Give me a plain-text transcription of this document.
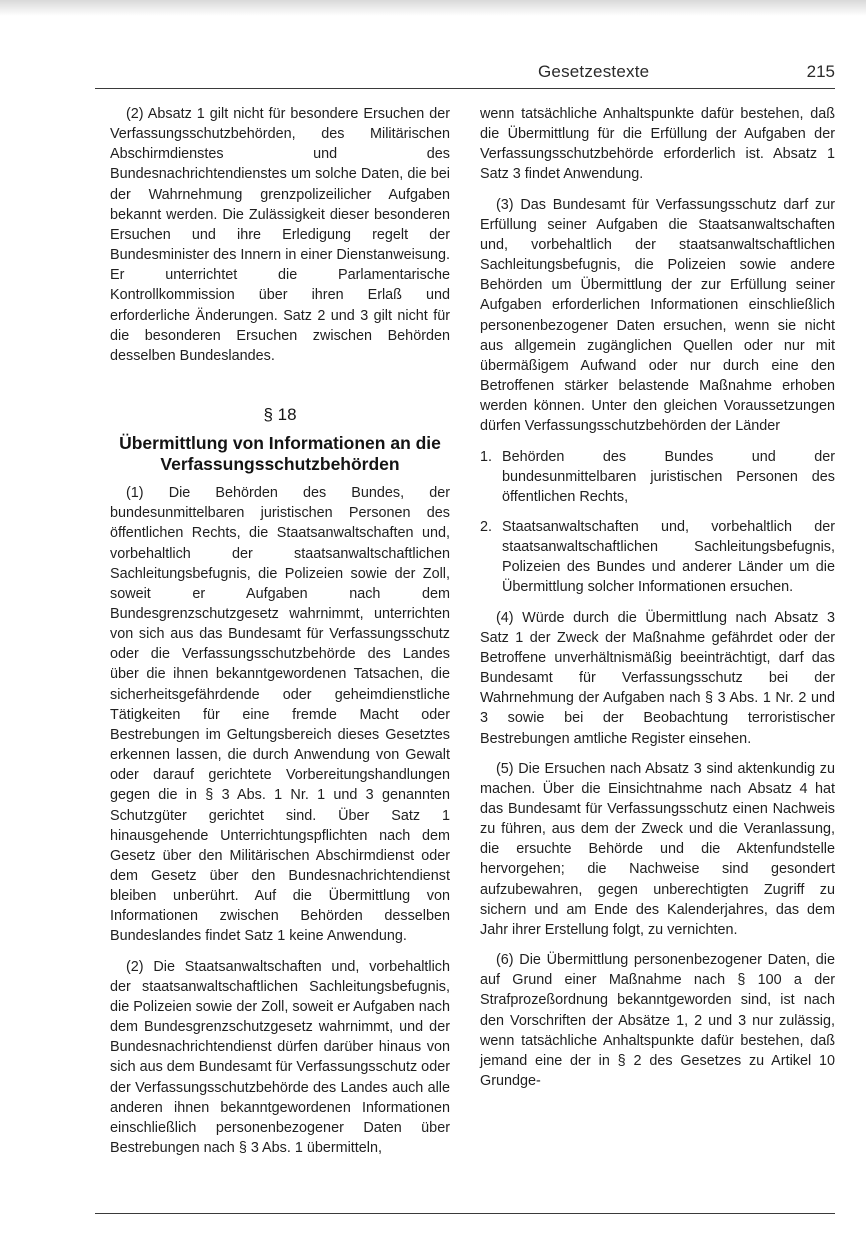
Gesetzestexte	215

(2) Absatz 1 gilt nicht für besondere Ersuchen der Verfassungsschutzbehörden, des Militärischen Abschirmdienstes und des Bundesnachrichtendienstes um solche Daten, die bei der Wahrnehmung grenzpolizeilicher Aufgaben bekannt werden. Die Zulässigkeit dieser besonderen Ersuchen und ihre Erledigung regelt der Bundesminister des Innern in einer Dienstanweisung. Er unterrichtet die Parlamentarische Kontrollkommission über ihren Erlaß und erforderliche Änderungen. Satz 2 und 3 gilt nicht für die besonderen Ersuchen zwischen Behörden desselben Bundeslandes.

§ 18
Übermittlung von Informationen an die Verfassungsschutzbehörden

(1) Die Behörden des Bundes, der bundesunmittelbaren juristischen Personen des öffentlichen Rechts, die Staatsanwaltschaften und, vorbehaltlich der staatsanwaltschaftlichen Sachleitungsbefugnis, die Polizeien sowie der Zoll, soweit er Aufgaben nach dem Bundesgrenzschutzgesetz wahrnimmt, unterrichten von sich aus das Bundesamt für Verfassungsschutz oder die Verfassungsschutzbehörde des Landes über die ihnen bekanntgewordenen Tatsachen, die sicherheitsgefährdende oder geheimdienstliche Tätigkeiten für eine fremde Macht oder Bestrebungen im Geltungsbereich dieses Gesetztes erkennen lassen, die durch Anwendung von Gewalt oder darauf gerichtete Vorbereitungshandlungen gegen die in § 3 Abs. 1 Nr. 1 und 3 genannten Schutzgüter gerichtet sind. Über Satz 1 hinausgehende Unterrichtungspflichten nach dem Gesetz über den Militärischen Abschirmdienst oder dem Gesetz über den Bundesnachrichtendienst bleiben unberührt. Auf die Übermittlung von Informationen zwischen Behörden desselben Bundeslandes findet Satz 1 keine Anwendung.

(2) Die Staatsanwaltschaften und, vorbehaltlich der staatsanwaltschaftlichen Sachleitungsbefugnis, die Polizeien sowie der Zoll, soweit er Aufgaben nach dem Bundesgrenzschutzgesetz wahrnimmt, und der Bundesnachrichtendienst dürfen darüber hinaus von sich aus dem Bundesamt für Verfassungsschutz oder der Verfassungsschutzbehörde des Landes auch alle anderen ihnen bekanntgewordenen Informationen einschließlich personenbezogener Daten über Bestrebungen nach § 3 Abs. 1 übermitteln,

wenn tatsächliche Anhaltspunkte dafür bestehen, daß die Übermittlung für die Erfüllung der Aufgaben der Verfassungsschutzbehörde erforderlich ist. Absatz 1 Satz 3 findet Anwendung.

(3) Das Bundesamt für Verfassungsschutz darf zur Erfüllung seiner Aufgaben die Staatsanwaltschaften und, vorbehaltlich der staatsanwaltschaftlichen Sachleitungsbefugnis, die Polizeien sowie andere Behörden um Übermittlung der zur Erfüllung seiner Aufgaben erforderlichen Informationen einschließlich personenbezogener Daten ersuchen, wenn sie nicht aus allgemein zugänglichen Quellen oder nur mit übermäßigem Aufwand oder nur durch eine den Betroffenen stärker belastende Maßnahme erhoben werden können. Unter den gleichen Voraussetzungen dürfen Verfassungsschutzbehörden der Länder

1. Behörden des Bundes und der bundesunmittelbaren juristischen Personen des öffentlichen Rechts,
2. Staatsanwaltschaften und, vorbehaltlich der staatsanwaltschaftlichen Sachleitungsbefugnis, Polizeien des Bundes und anderer Länder um die Übermittlung solcher Informationen ersuchen.

(4) Würde durch die Übermittlung nach Absatz 3 Satz 1 der Zweck der Maßnahme gefährdet oder der Betroffene unverhältnismäßig beeinträchtigt, darf das Bundesamt für Verfassungsschutz bei der Wahrnehmung der Aufgaben nach § 3 Abs. 1 Nr. 2 und 3 sowie bei der Beobachtung terroristischer Bestrebungen amtliche Register einsehen.

(5) Die Ersuchen nach Absatz 3 sind aktenkundig zu machen. Über die Einsichtnahme nach Absatz 4 hat das Bundesamt für Verfassungsschutz einen Nachweis zu führen, aus dem der Zweck und die Veranlassung, die ersuchte Behörde und die Aktenfundstelle hervorgehen; die Nachweise sind gesondert aufzubewahren, gegen unberechtigten Zugriff zu sichern und am Ende des Kalenderjahres, das dem Jahr ihrer Erstellung folgt, zu vernichten.

(6) Die Übermittlung personenbezogener Daten, die auf Grund einer Maßnahme nach § 100 a der Strafprozeßordnung bekanntgeworden sind, ist nach den Vorschriften der Absätze 1, 2 und 3 nur zulässig, wenn tatsächliche Anhaltspunkte dafür bestehen, daß jemand eine der in § 2 des Gesetzes zu Artikel 10 Grundge-
